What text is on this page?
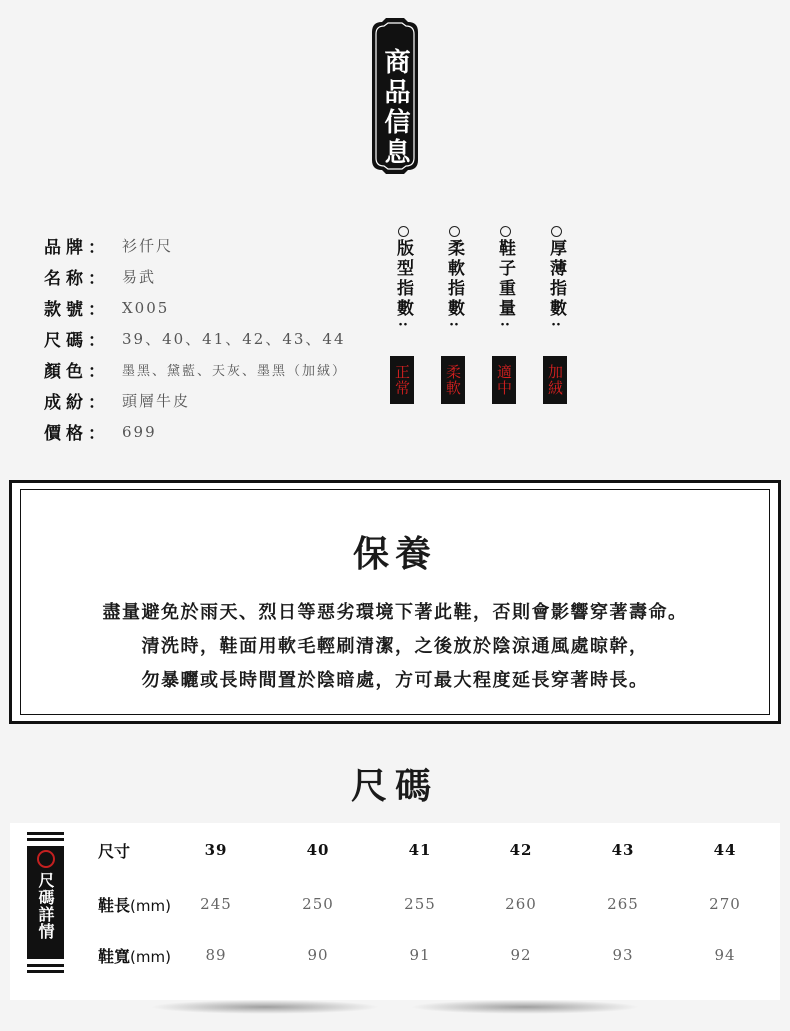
商品信息
品牌： 衫仟尺
名称： 易武
款號： X005
尺碼： 39、40、41、42、43、44
顏色： 墨黑、黛藍、天灰、墨黑（加絨）
成紛： 頭層牛皮
價格： 699
版型指數
··
正常
柔軟指數
··
柔軟
鞋子重量
··
適中
厚薄指數
··
加絨
保養
盡量避免於雨天、烈日等惡劣環境下著此鞋，否則會影響穿著壽命。
清洗時，鞋面用軟毛輕刷清潔，之後放於陰涼通風處晾幹，
勿暴曬或長時間置於陰暗處，方可最大程度延長穿著時長。
尺碼
尺碼詳情
尺寸	39	40	41	42	43	44
鞋長(mm) 245	250	255	260	265	270
鞋寬(mm)	89	90	91	92	93	94
